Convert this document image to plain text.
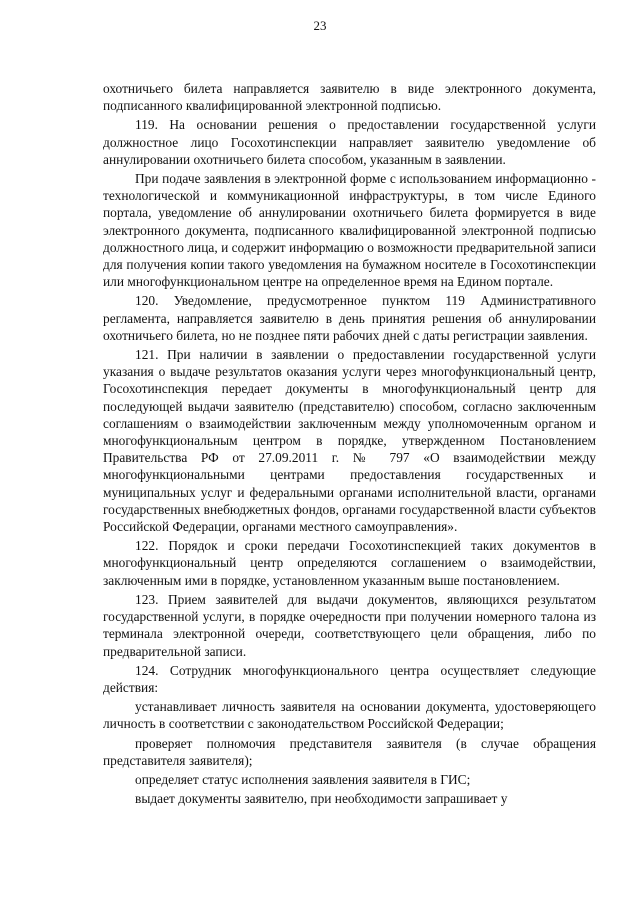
23

охотничьего билета направляется заявителю в виде электронного документа, подписанного квалифицированной электронной подписью.

119. На основании решения о предоставлении государственной услуги должностное лицо Госохотинспекции направляет заявителю уведомление об аннулировании охотничьего билета способом, указанным в заявлении.

При подаче заявления в электронной форме с использованием информационно - технологической и коммуникационной инфраструктуры, в том числе Единого портала, уведомление об аннулировании охотничьего билета формируется в виде электронного документа, подписанного квалифицированной электронной подписью должностного лица, и содержит информацию о возможности предварительной записи для получения копии такого уведомления на бумажном носителе в Госохотинспекции или многофункциональном центре на определенное время на Едином портале.

120. Уведомление, предусмотренное пунктом 119 Административного регламента, направляется заявителю в день принятия решения об аннулировании охотничьего билета, но не позднее пяти рабочих дней с даты регистрации заявления.

121. При наличии в заявлении о предоставлении государственной услуги указания о выдаче результатов оказания услуги через многофункциональный центр, Госохотинспекция передает документы в многофункциональный центр для последующей выдачи заявителю (представителю) способом, согласно заключенным соглашениям о взаимодействии заключенным между уполномоченным органом и многофункциональным центром в порядке, утвержденном Постановлением Правительства РФ от 27.09.2011 г. № 797 «О взаимодействии между многофункциональными центрами предоставления государственных и муниципальных услуг и федеральными органами исполнительной власти, органами государственных внебюджетных фондов, органами государственной власти субъектов Российской Федерации, органами местного самоуправления».

122. Порядок и сроки передачи Госохотинспекцией таких документов в многофункциональный центр определяются соглашением о взаимодействии, заключенным ими в порядке, установленном указанным выше постановлением.

123. Прием заявителей для выдачи документов, являющихся результатом государственной услуги, в порядке очередности при получении номерного талона из терминала электронной очереди, соответствующего цели обращения, либо по предварительной записи.

124. Сотрудник многофункционального центра осуществляет следующие действия:

устанавливает личность заявителя на основании документа, удостоверяющего личность в соответствии с законодательством Российской Федерации;

проверяет полномочия представителя заявителя (в случае обращения представителя заявителя);

определяет статус исполнения заявления заявителя в ГИС;

выдает документы заявителю, при необходимости запрашивает у
